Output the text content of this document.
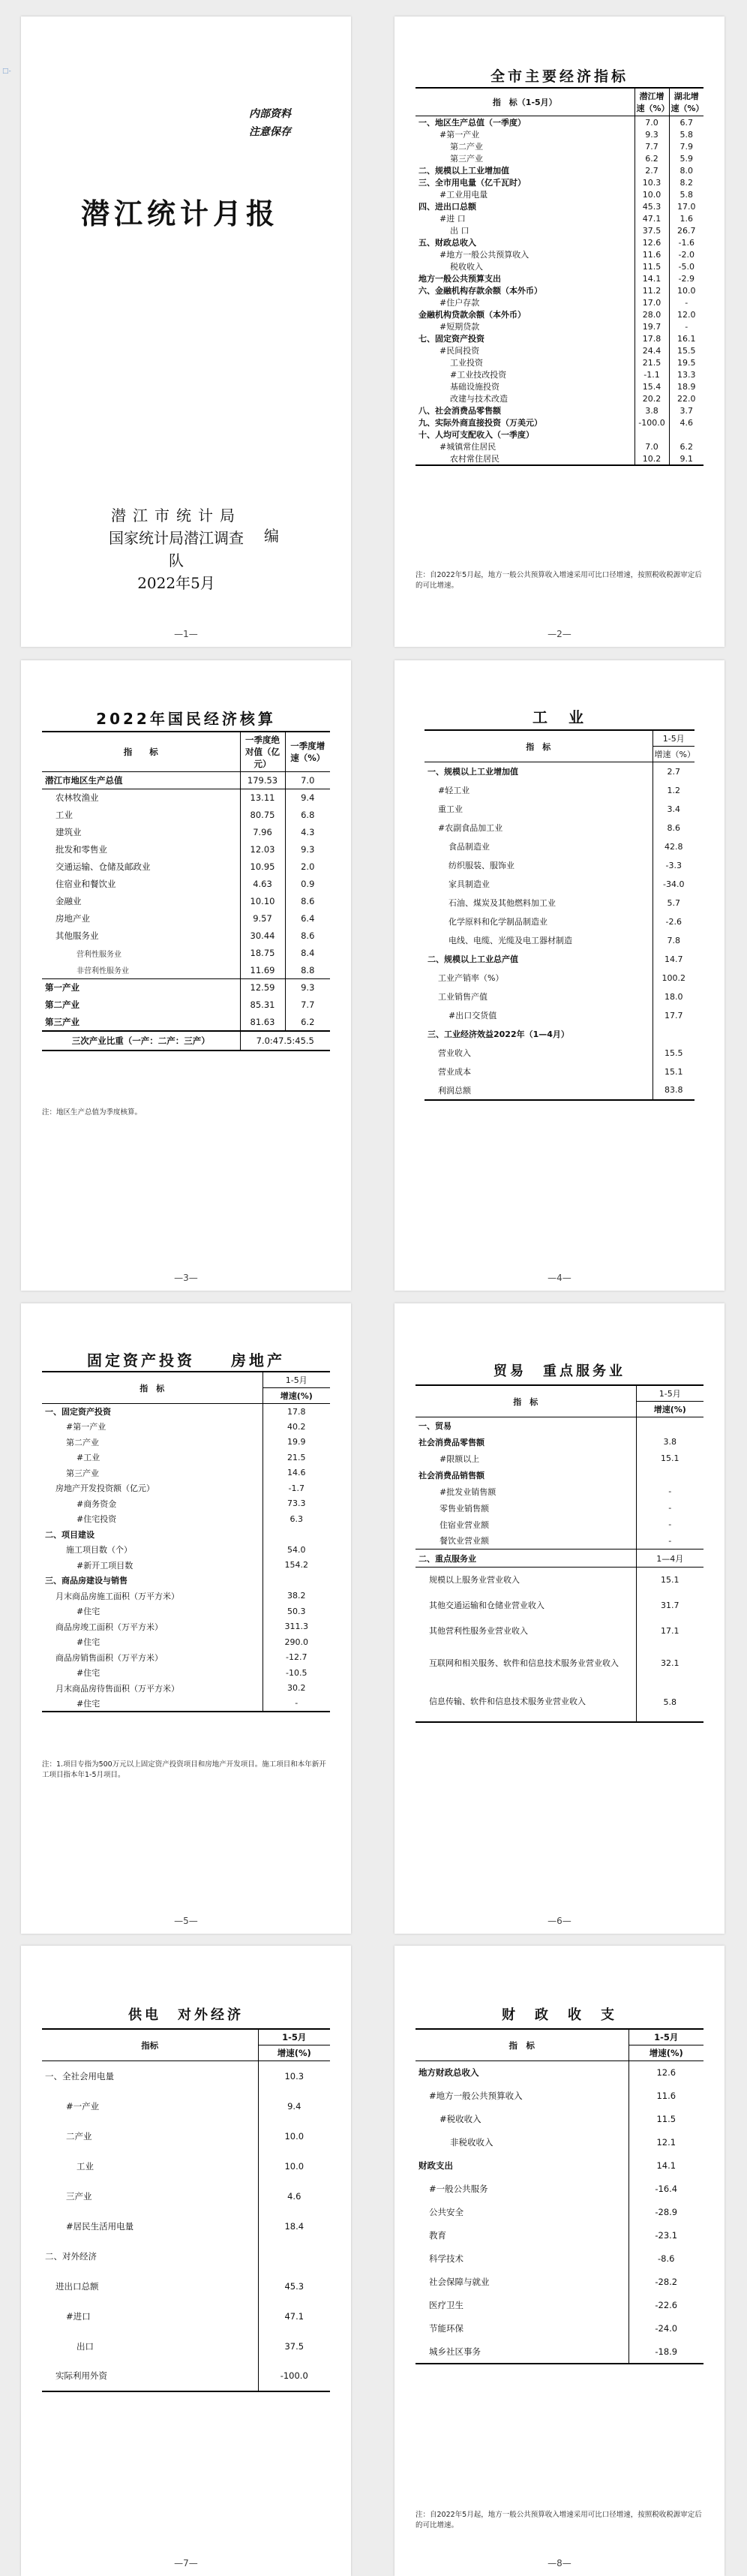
□-
内部资料
注意保存
潜江统计月报
潜江市统计局
国家统计局潜江调查队
2022年5月
编
—1—
全市主要经济指标
指　标（1-5月）	潜江增速（%）	湖北增速（%）
一、地区生产总值（一季度）	7.0	6.7
#第一产业	9.3	5.8
第二产业	7.7	7.9
第三产业	6.2	5.9
二、规模以上工业增加值	2.7	8.0
三、全市用电量（亿千瓦时）	10.3	8.2
#工业用电量	10.0	5.8
四、进出口总额	45.3	17.0
#进 口	47.1	1.6
出 口	37.5	26.7
五、财政总收入	12.6	-1.6
#地方一般公共预算收入	11.6	-2.0
税收收入	11.5	-5.0
地方一般公共预算支出	14.1	-2.9
六、金融机构存款余额（本外币）	11.2	10.0
#住户存款	17.0	-
金融机构贷款余额（本外币）	28.0	12.0
#短期贷款	19.7	-
七、固定资产投资	17.8	16.1
#民间投资	24.4	15.5
工业投资	21.5	19.5
#工业技改投资	-1.1	13.3
基础设施投资	15.4	18.9
改建与技术改造	20.2	22.0
八、社会消费品零售额	3.8	3.7
九、实际外商直接投资（万美元）	-100.0	4.6
十、人均可支配收入（一季度）		
#城镇常住居民	7.0	6.2
农村常住居民	10.2	9.1
注：自2022年5月起，地方一般公共预算收入增速采用可比口径增速，按照税收税源审定后的可比增速。
—2—
2022年国民经济核算
指　　标	一季度绝对值（亿元）	一季度增速（%）
潜江市地区生产总值	179.53	7.0
农林牧渔业	13.11	9.4
工业	80.75	6.8
建筑业	7.96	4.3
批发和零售业	12.03	9.3
交通运输、仓储及邮政业	10.95	2.0
住宿业和餐饮业	4.63	0.9
金融业	10.10	8.6
房地产业	9.57	6.4
其他服务业	30.44	8.6
营利性服务业	18.75	8.4
非营利性服务业	11.69	8.8
第一产业	12.59	9.3
第二产业	85.31	7.7
第三产业	81.63	6.2
三次产业比重（一产：二产：三产）	7.0:47.5:45.5	
注：地区生产总值为季度核算。
—3—
工　业
指　标	1-5月
	增速（%）
一、规模以上工业增加值	2.7
#轻工业	1.2
重工业	3.4
#农副食品加工业	8.6
食品制造业	42.8
纺织服装、服饰业	-3.3
家具制造业	-34.0
石油、煤炭及其他燃料加工业	5.7
化学原料和化学制品制造业	-2.6
电线、电缆、光缆及电工器材制造	7.8
二、规模以上工业总产值	14.7
工业产销率（%）	100.2
工业销售产值	18.0
#出口交货值	17.7
三、工业经济效益2022年（1—4月）	
营业收入	15.5
营业成本	15.1
利润总额	83.8
—4—
固定资产投资　　房地产
指　标	1-5月
	增速(%)
一、固定资产投资	17.8
#第一产业	40.2
第二产业	19.9
#工业	21.5
第三产业	14.6
房地产开发投资额（亿元）	-1.7
#商务资金	73.3
#住宅投资	6.3
二、项目建设	
施工项目数（个）	54.0
#新开工项目数	154.2
三、商品房建设与销售	
月末商品房施工面积（万平方米）	38.2
#住宅	50.3
商品房竣工面积（万平方米）	311.3
#住宅	290.0
商品房销售面积（万平方米）	-12.7
#住宅	-10.5
月末商品房待售面积（万平方米）	30.2
#住宅	-
注：1.项目专指为500万元以上固定资产投资项目和房地产开发项目。施工项目和本年新开工项目指本年1-5月项目。
—5—
贸易　重点服务业
指　标	1-5月
	增速(%)
一、贸易	
社会消费品零售额	3.8
#限额以上	15.1
社会消费品销售额	
#批发业销售额	-
零售业销售额	-
住宿业营业额	-
餐饮业营业额	-
二、重点服务业	1—4月
规模以上服务业营业收入	15.1
其他交通运输和仓储业营业收入	31.7
其他营利性服务业营业收入	17.1
互联网和相关服务、软件和信息技术服务业营业收入	32.1
信息传输、软件和信息技术服务业营业收入	5.8
—6—
供电　对外经济
指标	1-5月
	增速(%)
一、全社会用电量	10.3
#一产业	9.4
二产业	10.0
工业	10.0
三产业	4.6
#居民生活用电量	18.4
二、对外经济	
进出口总额	45.3
#进口	47.1
出口	37.5
实际利用外资	-100.0
—7—
财　政　收　支
指　标	1-5月
	增速(%)
地方财政总收入	12.6
#地方一般公共预算收入	11.6
#税收收入	11.5
非税收收入	12.1
财政支出	14.1
#一般公共服务	-16.4
公共安全	-28.9
教育	-23.1
科学技术	-8.6
社会保障与就业	-28.2
医疗卫生	-22.6
节能环保	-24.0
城乡社区事务	-18.9
注：自2022年5月起，地方一般公共预算收入增速采用可比口径增速，按照税收税源审定后的可比增速。
—8—
